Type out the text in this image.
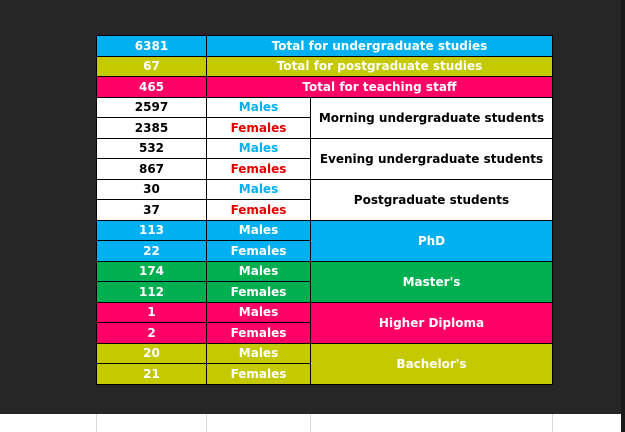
6381	Total for undergraduate studies	
67	Total for postgraduate studies	
465	Total for teaching staff	
2597	Males	Morning undergraduate students
2385	Females	
532	Males	Evening undergraduate students
867	Females	
30	Males	Postgraduate students
37	Females	
113	Males	PhD
22	Females	
174	Males	Master's
112	Females	
1	Males	Higher Diploma
2	Females	
20	Males	Bachelor's
21	Females	
